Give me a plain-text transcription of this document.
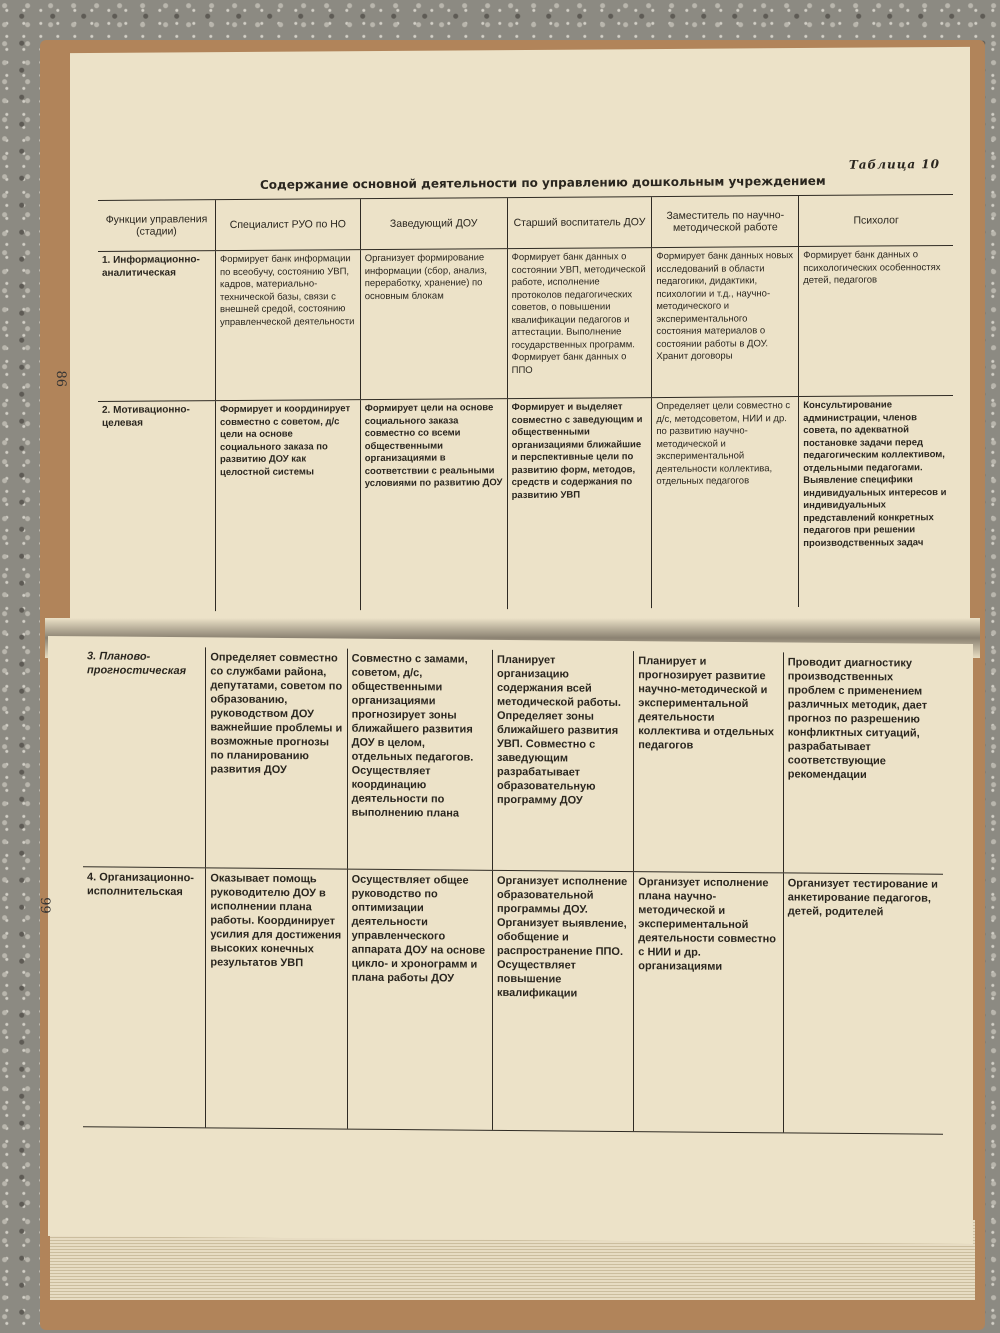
86
Таблица 10
Содержание основной деятельности по управлению дошкольным учреждением
Функции управления (стадии)	Специалист РУО по НО	Заведующий ДОУ	Старший воспитатель ДОУ	Заместитель по научно-методической работе	Психолог
1. Информационно-аналитическая	Формирует банк информации по всеобучу, состоянию УВП, кадров, материально-технической базы, связи с внешней средой, состоянию управленческой деятельности	Организует формирование информации (сбор, анализ, переработку, хранение) по основным блокам	Формирует банк данных о состоянии УВП, методической работе, исполнение протоколов педагогических советов, о повышении квалификации педагогов и аттестации. Выполнение государственных программ. Формирует банк данных о ППО	Формирует банк данных новых исследований в области педагогики, дидактики, психологии и т.д., научно-методического и экспериментального состояния материалов о состоянии работы в ДОУ. Хранит договоры	Формирует банк данных о психологических особенностях детей, педагогов
2. Мотивационно-целевая	Формирует и координирует совместно с советом, д/с цели на основе социального заказа по развитию ДОУ как целостной системы	Формирует цели на основе социального заказа совместно со всеми общественными организациями в соответствии с реальными условиями по развитию ДОУ	Формирует и выделяет совместно с заведующим и общественными организациями ближайшие и перспективные цели по развитию форм, методов, средств и содержания по развитию УВП	Определяет цели совместно с д/с, методсоветом, НИИ и др. по развитию научно-методической и экспериментальной деятельности коллектива, отдельных педагогов	Консультирование администрации, членов совета, по адекватной постановке задачи перед педагогическим коллективом, отдельными педагогами. Выявление специфики индивидуальных интересов и индивидуальных представлений конкретных педагогов при решении производственных задач
99
3. Планово-прогностическая	Определяет совместно со службами района, депутатами, советом по образованию, руководством ДОУ важнейшие проблемы и возможные прогнозы по планированию развития ДОУ	Совместно с замами, советом, д/с, общественными организациями прогнозирует зоны ближайшего развития ДОУ в целом, отдельных педагогов. Осуществляет координацию деятельности по выполнению плана	Планирует организацию содержания всей методической работы. Определяет зоны ближайшего развития УВП. Совместно с заведующим разрабатывает образовательную программу ДОУ	Планирует и прогнозирует развитие научно-методической и экспериментальной деятельности коллектива и отдельных педагогов	Проводит диагностику производственных проблем с применением различных методик, дает прогноз по разрешению конфликтных ситуаций, разрабатывает соответствующие рекомендации
4. Организационно-исполнительская	Оказывает помощь руководителю ДОУ в исполнении плана работы. Координирует усилия для достижения высоких конечных результатов УВП	Осуществляет общее руководство по оптимизации деятельности управленческого аппарата ДОУ на основе цикло- и хронограмм и плана работы ДОУ	Организует исполнение образовательной программы ДОУ. Организует выявление, обобщение и распространение ППО. Осуществляет повышение квалификации	Организует исполнение плана научно-методической и экспериментальной деятельности совместно с НИИ и др. организациями	Организует тестирование и анкетирование педагогов, детей, родителей
